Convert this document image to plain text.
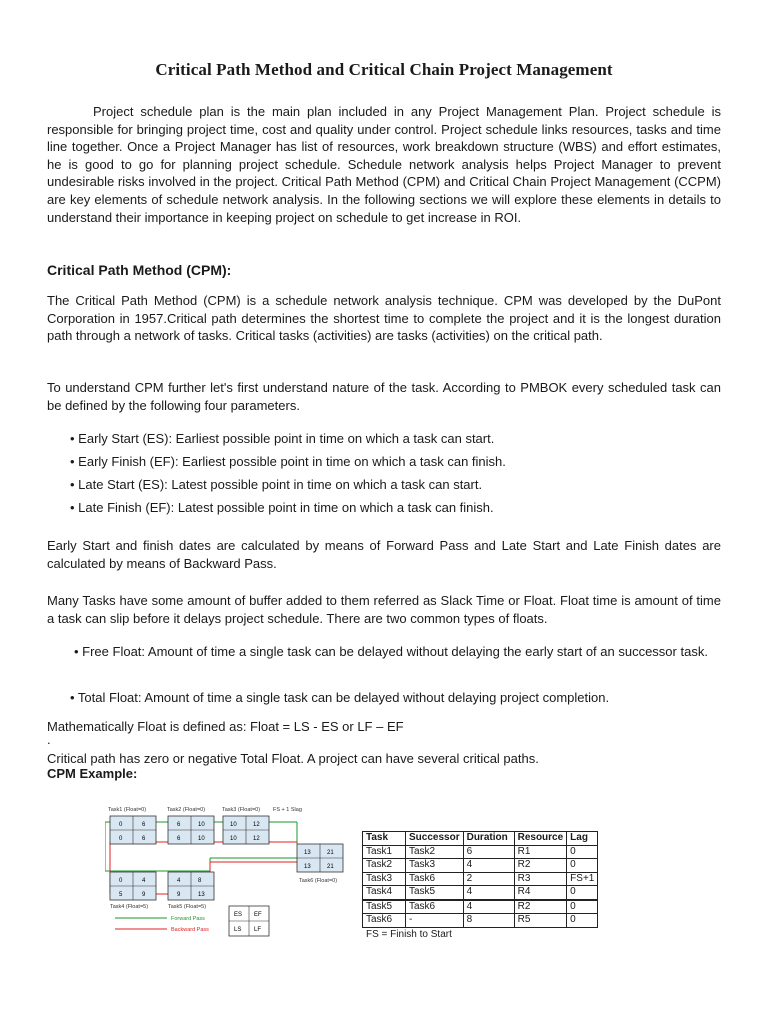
Critical Path Method and Critical Chain Project Management

Project schedule plan is the main plan included in any Project Management Plan. Project schedule is responsible for bringing project time, cost and quality under control. Project schedule links resources, tasks and time line together. Once a Project Manager has list of resources, work breakdown structure (WBS) and effort estimates, he is good to go for planning project schedule. Schedule network analysis helps Project Manager to prevent undesirable risks involved in the project. Critical Path Method (CPM) and Critical Chain Project Management (CCPM) are key elements of schedule network analysis. In the following sections we will explore these elements in details to understand their importance in keeping project on schedule to get increase in ROI.

Critical Path Method (CPM):

The Critical Path Method (CPM) is a schedule network analysis technique. CPM was developed by the DuPont Corporation in 1957.Critical path determines the shortest time to complete the project and it is the longest duration path through a network of tasks. Critical tasks (activities) are tasks (activities) on the critical path.

To understand CPM further let's first understand nature of the task. According to PMBOK every scheduled task can be defined by the following four parameters.

• Early Start (ES): Earliest possible point in time on which a task can start.

• Early Finish (EF): Earliest possible point in time on which a task can finish.

• Late Start (ES): Latest possible point in time on which a task can start.

• Late Finish (EF): Latest possible point in time on which a task can finish.

Early Start and finish dates are calculated by means of Forward Pass and Late Start and Late Finish dates are calculated by means of Backward Pass.

Many Tasks have some amount of buffer added to them referred as Slack Time or Float. Float time is amount of time a task can slip before it delays project schedule. There are two common types of floats.

• Free Float: Amount of time a single task can be delayed without delaying the early start of an successor task.

• Total Float: Amount of time a single task can be delayed without delaying project completion.

Mathematically Float is defined as: Float = LS - ES or LF – EF

.

Critical path has zero or negative Total Float. A project can have several critical paths.

CPM Example:

Task1 (Float=0)	Task2 (Float=0)	Task3 (Float=0) FS + 1 Slag
0	6
0	6
6	10
6	10
10	12
10	12
13	21
13	21
Task6 (Float=0)
0	4
5	9
4	8
9	13
Task4 (Float=5)	Task5 (Float=5)
Forward Pass
Backward Pass
ES EF
LS LF
Task	Successor	Duration	Resource	Lag
Task1	Task2	6	R1	0
Task2	Task3	4	R2	0
Task3	Task6	2	R3	FS+1
Task4	Task5	4	R4	0
Task5	Task6	4	R2	0
Task6	-	8	R5	0
FS = Finish to Start
